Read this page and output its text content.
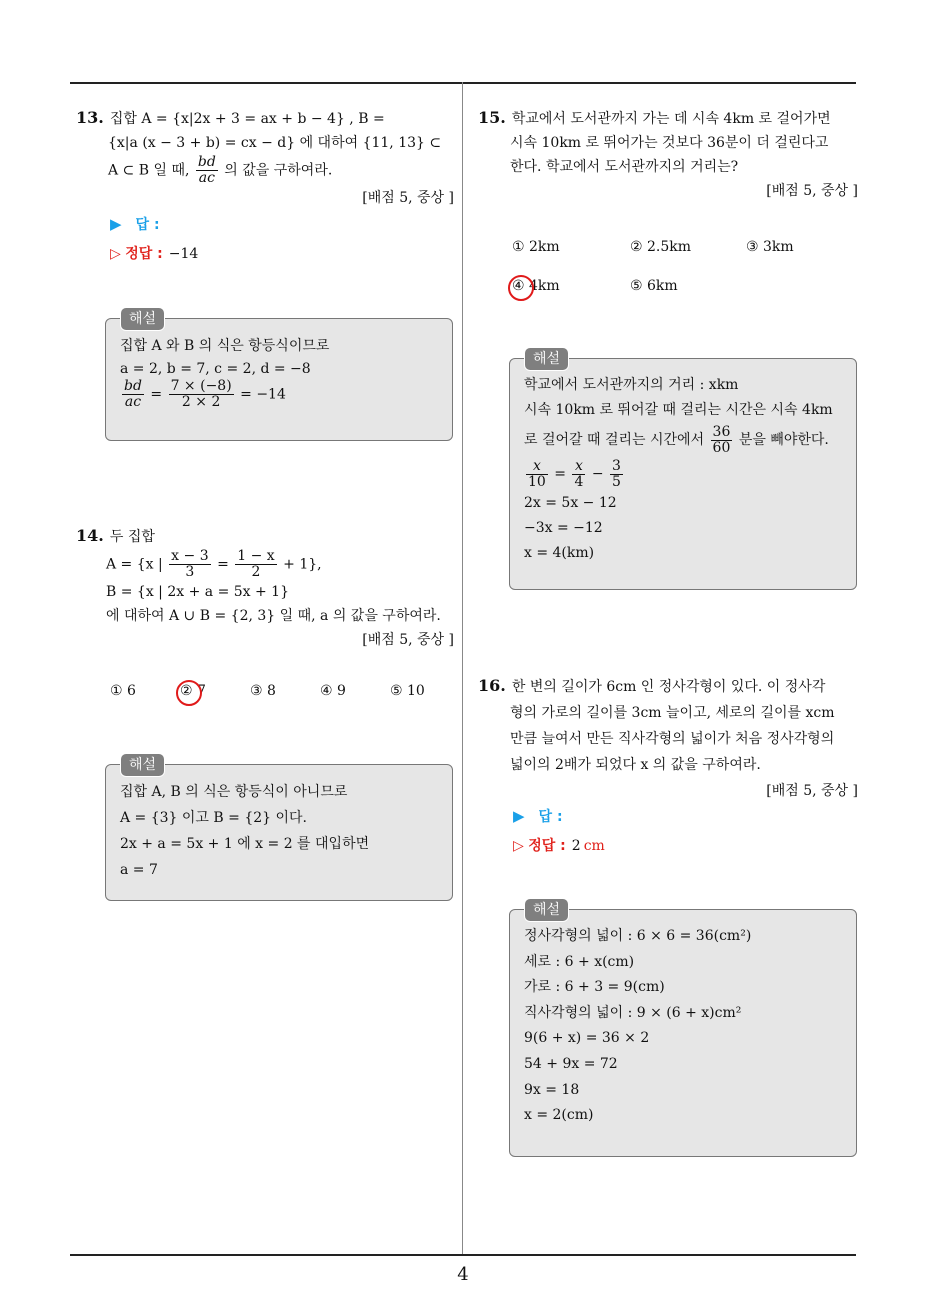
13. 집합 A = {x|2x + 3 = ax + b − 4} , B =
{x|a (x − 3 + b) = cx − d} 에 대하여 {11, 13} ⊂
A ⊂ B 일 때, $\frac{bd}{ac}$ 의 값을 구하여라.
[배점 5, 중상 ]
▶ 답 :
▷ 정답 : −14
해설
집합 A 와 B 의 식은 항등식이므로
a = 2, b = 7, c = 2, d = −8
$\frac{bd}{ac} = \frac{7 \times (-8)}{2 \times 2} = -14$
14. 두 집합
A = {x | $\frac{x - 3}{3} = \frac{1 - x}{2} + 1$},
B = {x | 2x + a = 5x + 1}
에 대하여 A ∪ B = {2, 3} 일 때, a 의 값을 구하여라.
[배점 5, 중상 ]
① 6	② 7	③ 8	④ 9	⑤ 10
해설
집합 A, B 의 식은 항등식이 아니므로
A = {3} 이고 B = {2} 이다.
2x + a = 5x + 1 에 x = 2 를 대입하면
a = 7
15. 학교에서 도서관까지 가는 데 시속 4km 로 걸어가면
시속 10km 로 뛰어가는 것보다 36분이 더 걸린다고
한다. 학교에서 도서관까지의 거리는?
[배점 5, 중상 ]
① 2km	② 2.5km	③ 3km
④ 4km	⑤ 6km
해설
학교에서 도서관까지의 거리 : xkm
시속 10km 로 뛰어갈 때 걸리는 시간은 시속 4km
로 걸어갈 때 걸리는 시간에서 $\frac{36}{60}$ 분을 빼야한다.
$\frac{x}{10} = \frac{x}{4} - \frac{3}{5}$
2x = 5x − 12
−3x = −12
x = 4(km)
16. 한 변의 길이가 6cm 인 정사각형이 있다. 이 정사각
형의 가로의 길이를 3cm 늘이고, 세로의 길이를 xcm
만큼 늘여서 만든 직사각형의 넓이가 처음 정사각형의
넓이의 2배가 되었다 x 의 값을 구하여라.
[배점 5, 중상 ]
▶ 답 :
▷ 정답 : 2 cm
해설
정사각형의 넓이 : 6 × 6 = 36(cm²)
세로 : 6 + x(cm)
가로 : 6 + 3 = 9(cm)
직사각형의 넓이 : 9 × (6 + x)cm²
9(6 + x) = 36 × 2
54 + 9x = 72
9x = 18
x = 2(cm)
4
